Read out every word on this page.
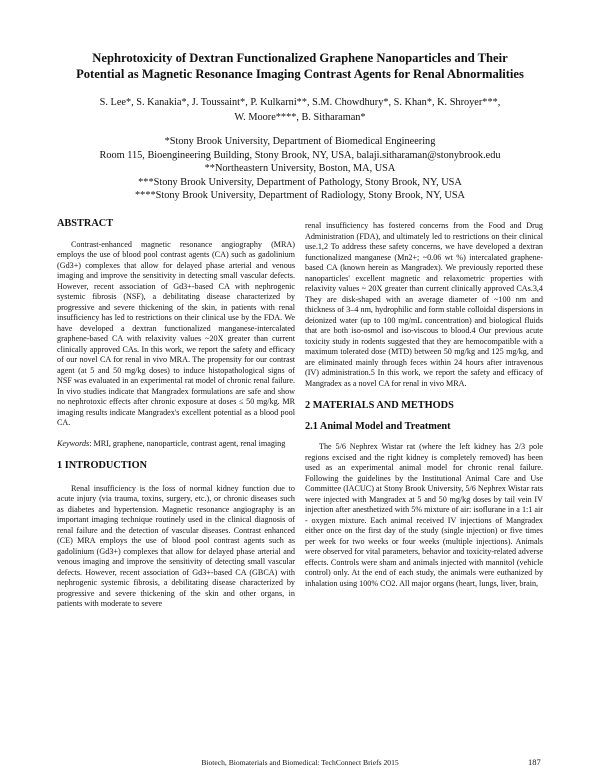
Nephrotoxicity of Dextran Functionalized Graphene Nanoparticles and Their
Potential as Magnetic Resonance Imaging Contrast Agents for Renal Abnormalities
S. Lee*, S. Kanakia*, J. Toussaint*, P. Kulkarni**, S.M. Chowdhury*, S. Khan*, K. Shroyer***,
W. Moore****, B. Sitharaman*
*Stony Brook University, Department of Biomedical Engineering
Room 115, Bioengineering Building, Stony Brook, NY, USA, balaji.sitharaman@stonybrook.edu
**Northeastern University, Boston, MA, USA
***Stony Brook University, Department of Pathology, Stony Brook, NY, USA
****Stony Brook University, Department of Radiology, Stony Brook, NY, USA

ABSTRACT

Contrast-enhanced magnetic resonance angiography (MRA) employs the use of blood pool contrast agents (CA) such as gadolinium (Gd3+) complexes that allow for delayed phase arterial and venous imaging and improve the sensitivity in detecting small vascular defects. However, recent association of Gd3+-based CA with nephrogenic systemic fibrosis (NSF), a debilitating disease characterized by progressive and severe thickening of the skin, in patients with renal insufficiency has led to restrictions on their clinical use by the FDA. We have developed a dextran functionalized manganese-intercalated graphene-based CA with relaxivity values ~20X greater than current clinically approved CAs. In this work, we report the safety and efficacy of our novel CA for renal in vivo MRA. The propensity for our contrast agent (at 5 and 50 mg/kg doses) to induce histopathological signs of NSF was evaluated in an experimental rat model of chronic renal failure. In vivo studies indicate that Mangradex formulations are safe and show no nephrotoxic effects after chronic exposure at doses ≤ 50 mg/kg. MR imaging results indicate Mangradex's excellent potential as a blood pool CA.

Keywords: MRI, graphene, nanoparticle, contrast agent, renal imaging

1 INTRODUCTION

Renal insufficiency is the loss of normal kidney function due to acute injury (via trauma, toxins, surgery, etc.), or chronic diseases such as diabetes and hypertension. Magnetic resonance angiography is an important imaging technique routinely used in the clinical diagnosis of renal failure and the detection of vascular diseases. Contrast enhanced (CE) MRA employs the use of blood pool contrast agents such as gadolinium (Gd3+) complexes that allow for delayed phase arterial and venous imaging and improve the sensitivity of detecting small vascular defects. However, recent association of Gd3+-based CA (GBCA) with nephrogenic systemic fibrosis, a debilitating disease characterized by progressive and severe thickening of the skin and other organs, in patients with moderate to severe

renal insufficiency has fostered concerns from the Food and Drug Administration (FDA), and ultimately led to restrictions on their clinical use.1,2 To address these safety concerns, we have developed a dextran functionalized manganese (Mn2+; ~0.06 wt %) intercalated graphene-based CA (known herein as Mangradex). We previously reported these nanoparticles' excellent magnetic and relaxometric properties with relaxivity values ~ 20X greater than current clinically approved CAs.3,4 They are disk-shaped with an average diameter of ~100 nm and thickness of 3–4 nm, hydrophilic and form stable colloidal dispersions in deionized water (up to 100 mg/mL concentration) and biological fluids that are both iso-osmol and iso-viscous to blood.4 Our previous acute toxicity study in rodents suggested that they are hemocompatible with a maximum tolerated dose (MTD) between 50 mg/kg and 125 mg/kg, and are eliminated mainly through feces within 24 hours after intravenous (IV) administration.5 In this work, we report the safety and efficacy of Mangradex as a novel CA for renal in vivo MRA.

2 MATERIALS AND METHODS

2.1 Animal Model and Treatment

The 5/6 Nephrex Wistar rat (where the left kidney has 2/3 pole regions excised and the right kidney is completely removed) has been used as an experimental animal model for chronic renal failure. Following the guidelines by the Institutional Animal Care and Use Committee (IACUC) at Stony Brook University, 5/6 Nephrex Wistar rats were injected with Mangradex at 5 and 50 mg/kg doses by tail vein IV injection after anesthetized with 5% mixture of air: isoflurane in a 1:1 air - oxygen mixture. Each animal received IV injections of Mangradex either once on the first day of the study (single injection) or five times per week for two weeks or four weeks (multiple injections). Animals were observed for vital parameters, behavior and toxicity-related adverse effects. Controls were sham and animals injected with mannitol (vehicle control) only. At the end of each study, the animals were euthanized by inhalation using 100% CO2. All major organs (heart, lungs, liver, brain,

Biotech, Biomaterials and Biomedical: TechConnect Briefs 2015	187
